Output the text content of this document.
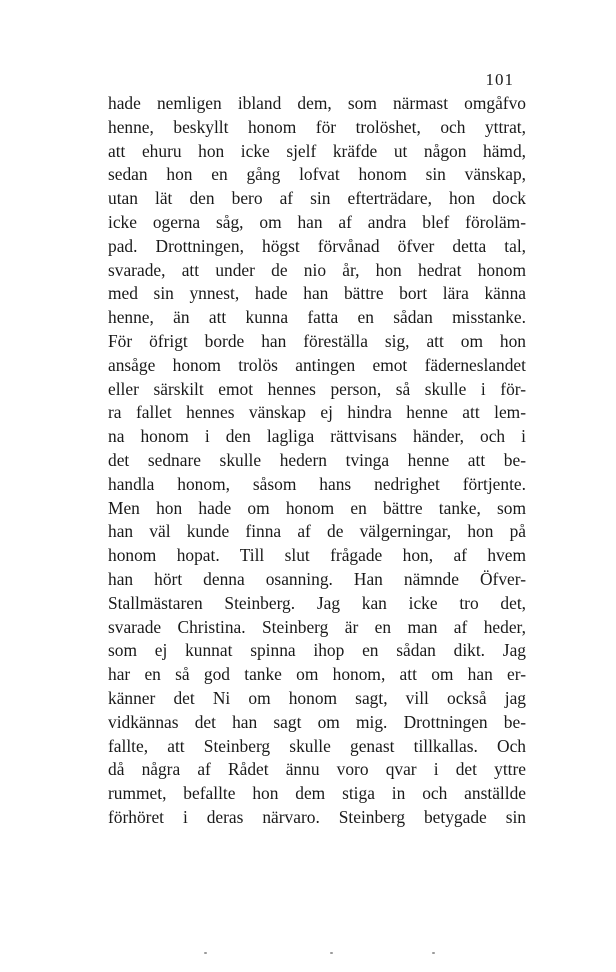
101
hade nemligen ibland dem, som närmast omgåfvo
henne, beskyllt honom för trolöshet, och yttrat,
att ehuru hon icke sjelf kräfde ut någon hämd,
sedan hon en gång lofvat honom sin vänskap,
utan lät den bero af sin efterträdare, hon dock
icke ogerna såg, om han af andra blef föroläm-
pad. Drottningen, högst förvånad öfver detta tal,
svarade, att under de nio år, hon hedrat honom
med sin ynnest, hade han bättre bort lära känna
henne, än att kunna fatta en sådan misstanke.
För öfrigt borde han föreställa sig, att om hon
ansåge honom trolös antingen emot fäderneslandet
eller särskilt emot hennes person, så skulle i för-
ra fallet hennes vänskap ej hindra henne att lem-
na honom i den lagliga rättvisans händer, och i
det sednare skulle hedern tvinga henne att be-
handla honom, såsom hans nedrighet förtjente.
Men hon hade om honom en bättre tanke, som
han väl kunde finna af de välgerningar, hon på
honom hopat. Till slut frågade hon, af hvem
han hört denna osanning. Han nämnde Öfver-
Stallmästaren Steinberg. Jag kan icke tro det,
svarade Christina. Steinberg är en man af heder,
som ej kunnat spinna ihop en sådan dikt. Jag
har en så god tanke om honom, att om han er-
känner det Ni om honom sagt, vill också jag
vidkännas det han sagt om mig. Drottningen be-
fallte, att Steinberg skulle genast tillkallas. Och
då några af Rådet ännu voro qvar i det yttre
rummet, befallte hon dem stiga in och anställde
förhöret i deras närvaro. Steinberg betygade sin
